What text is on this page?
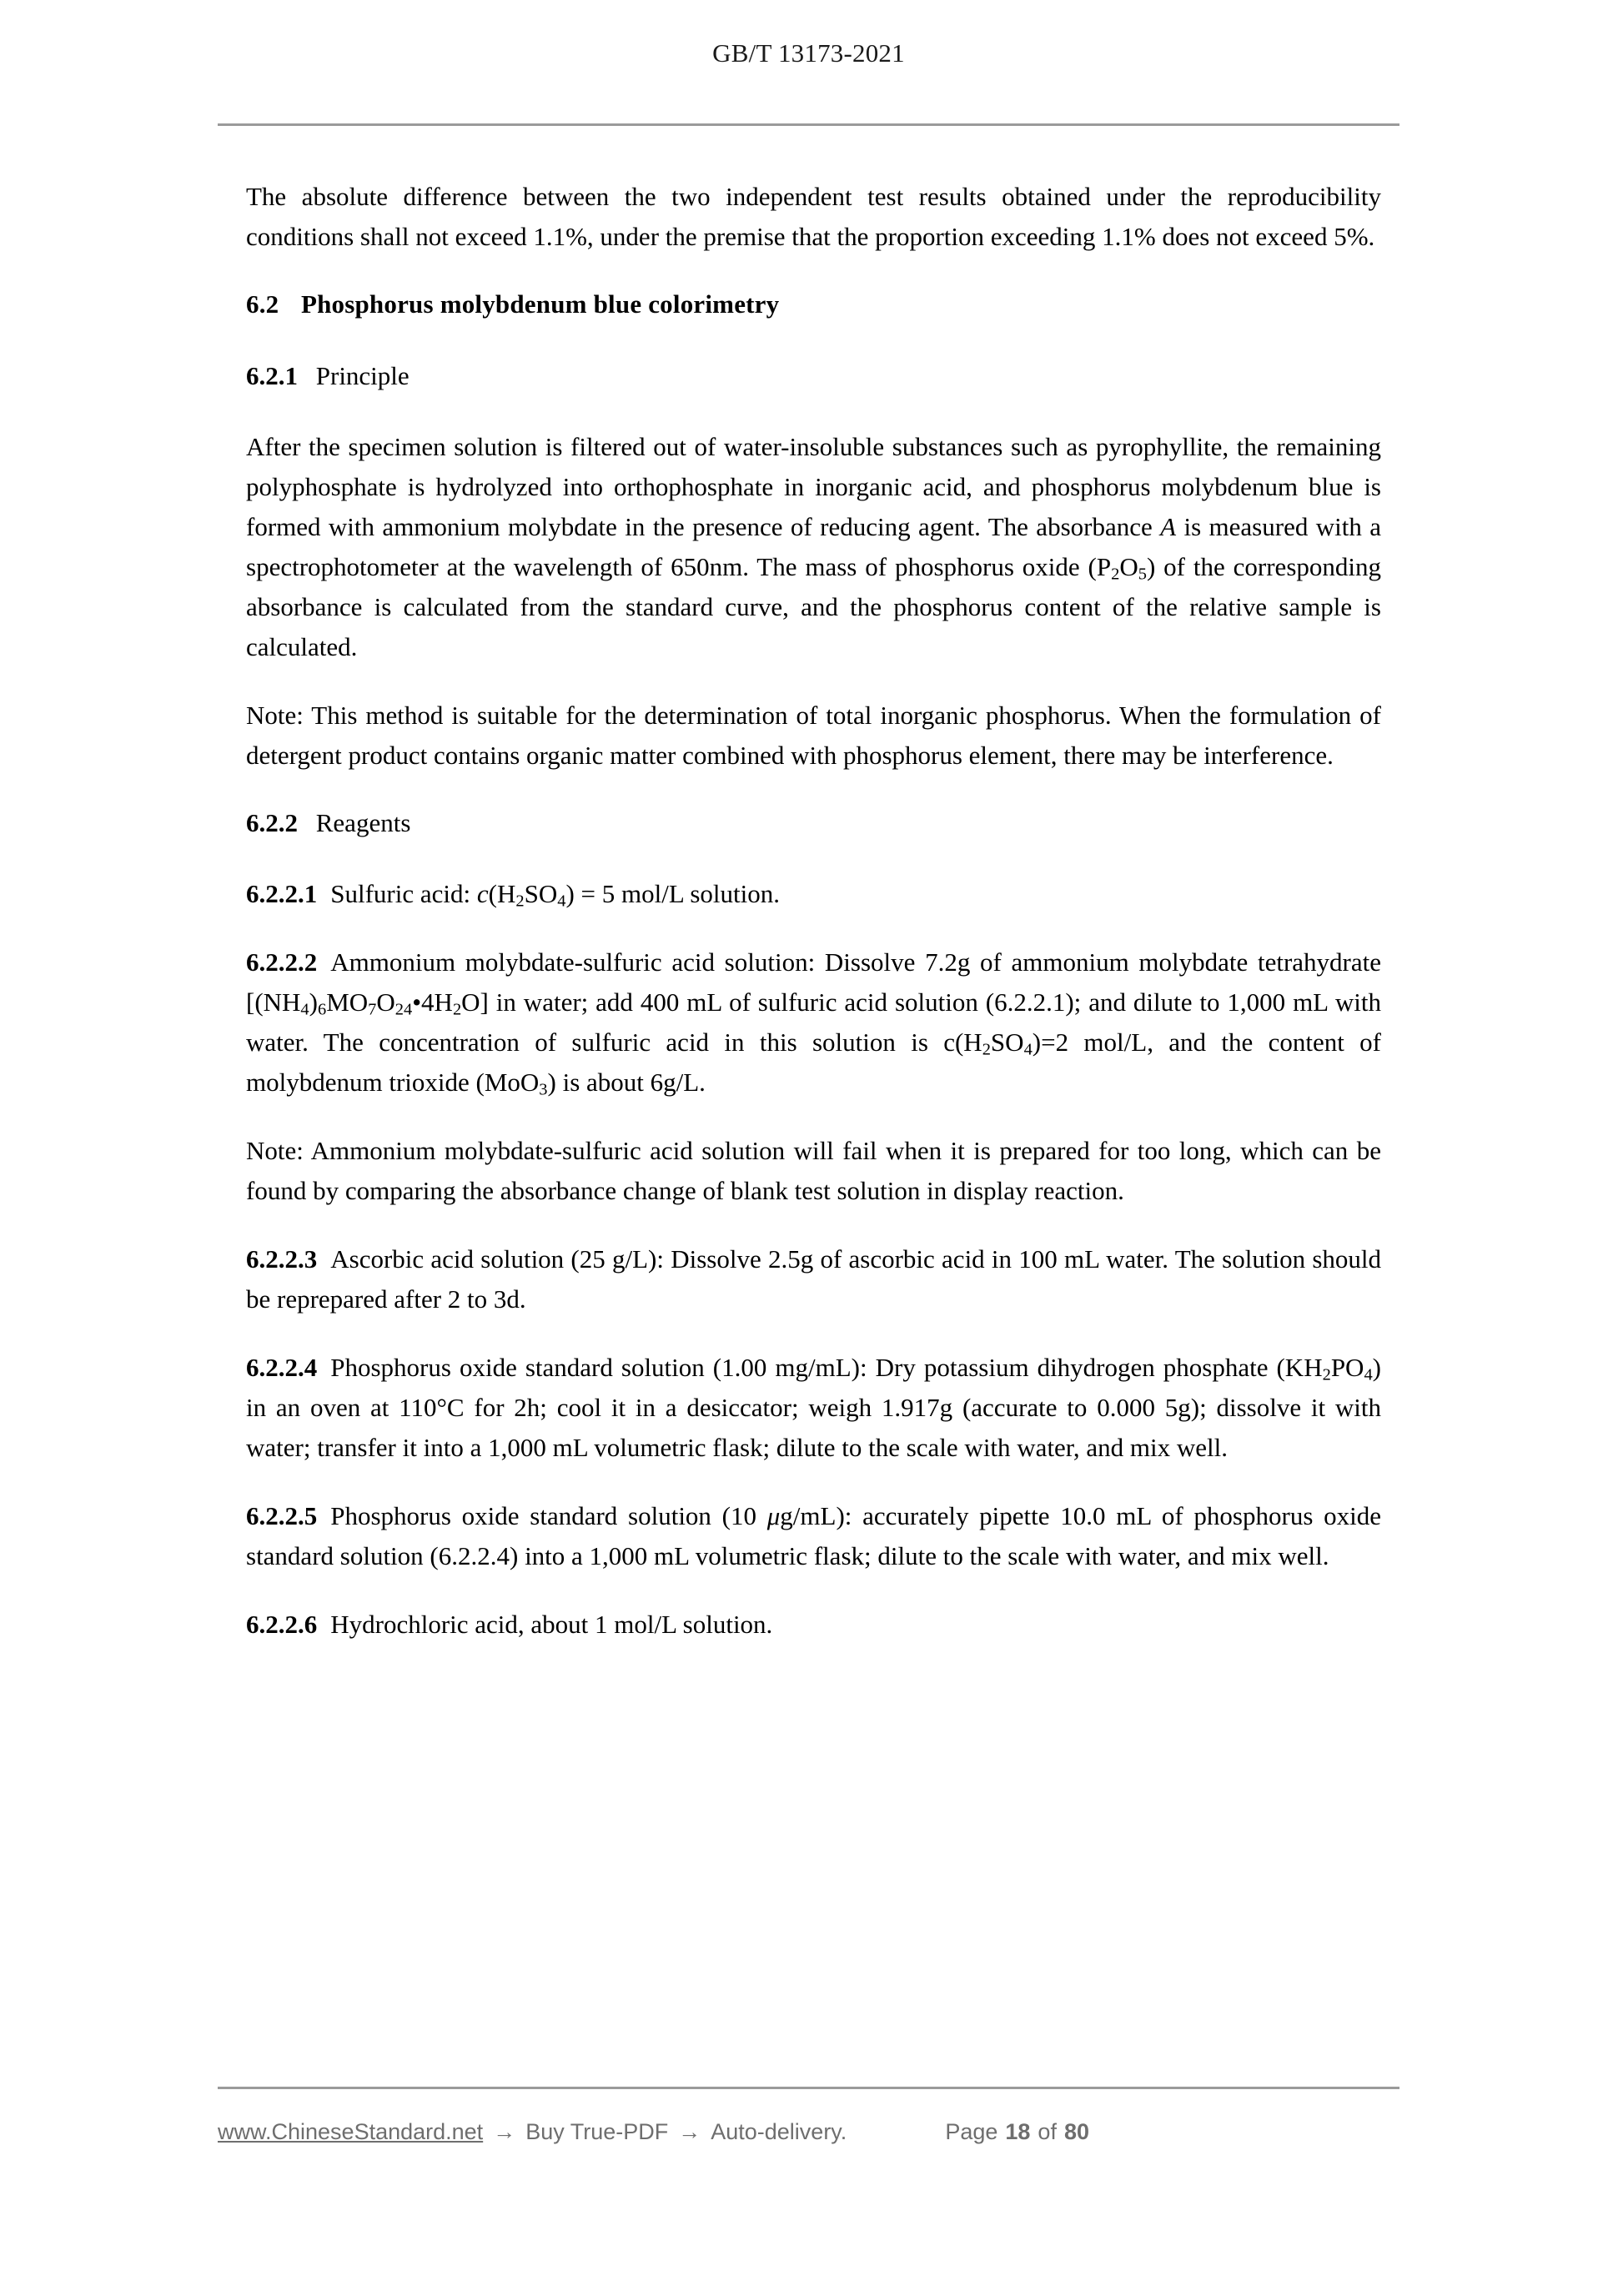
GB/T 13173-2021

The absolute difference between the two independent test results obtained under the reproducibility conditions shall not exceed 1.1%, under the premise that the proportion exceeding 1.1% does not exceed 5%.

6.2 Phosphorus molybdenum blue colorimetry
6.2.1 Principle

After the specimen solution is filtered out of water-insoluble substances such as pyrophyllite, the remaining polyphosphate is hydrolyzed into orthophosphate in inorganic acid, and phosphorus molybdenum blue is formed with ammonium molybdate in the presence of reducing agent. The absorbance A is measured with a spectrophotometer at the wavelength of 650nm. The mass of phosphorus oxide $(P_2O_5)$ of the corresponding absorbance is calculated from the standard curve, and the phosphorus content of the relative sample is calculated.

Note: This method is suitable for the determination of total inorganic phosphorus. When the formulation of detergent product contains organic matter combined with phosphorus element, there may be interference.

6.2.2 Reagents

6.2.2.1 Sulfuric acid: $c(H_2SO_4) = 5$ mol/L solution.

6.2.2.2 Ammonium molybdate-sulfuric acid solution: Dissolve 7.2g of ammonium molybdate tetrahydrate $[(NH_4)_6MO_7O_{24}•4H_2O]$ in water; add 400 mL of sulfuric acid solution (6.2.2.1); and dilute to 1,000 mL with water. The concentration of sulfuric acid in this solution is $c(H_2SO_4)=2$ mol/L, and the content of molybdenum trioxide (MoO$_3$) is about 6g/L.

Note: Ammonium molybdate-sulfuric acid solution will fail when it is prepared for too long, which can be found by comparing the absorbance change of blank test solution in display reaction.

6.2.2.3 Ascorbic acid solution (25 g/L): Dissolve 2.5g of ascorbic acid in 100 mL water. The solution should be reprepared after 2 to 3d.

6.2.2.4 Phosphorus oxide standard solution (1.00 mg/mL): Dry potassium dihydrogen phosphate $(KH_2PO_4)$ in an oven at 110°C for 2h; cool it in a desiccator; weigh 1.917g (accurate to 0.000 5g); dissolve it with water; transfer it into a 1,000 mL volumetric flask; dilute to the scale with water, and mix well.

6.2.2.5 Phosphorus oxide standard solution (10 μg/mL): accurately pipette 10.0 mL of phosphorus oxide standard solution (6.2.2.4) into a 1,000 mL volumetric flask; dilute to the scale with water, and mix well.

6.2.2.6 Hydrochloric acid, about 1 mol/L solution.

www.ChineseStandard.net → Buy True-PDF → Auto-delivery.	Page 18 of 80
